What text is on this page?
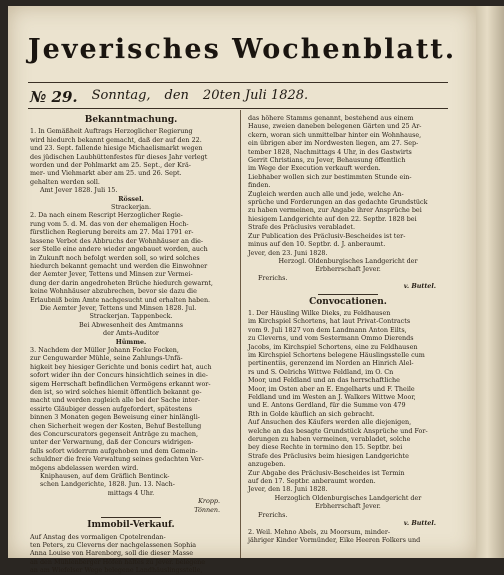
Jeverisches Wochenblatt.
№ 29. Sonntag, den 20ten Juli 1828.
Bekanntmachung.
1. In Gemäßheit Auftrags Herzoglicher Regierung
wird hiedurch bekannt gemacht, daß der auf den 22.
und 23. Sept. fallende hiesige Michaelismarkt wegen
des jüdischen Laubhüttenfestes für dieses Jahr verlegt
worden und der Pohlmarkt am 25. Sept., der Krä-
mer- und Viehmarkt aber am 25. und 26. Sept.
gehalten werden soll.
Amt Jever 1828. Juli 15.
Rössel.
Strackerjan.
2. Da nach einem Rescript Herzoglicher Regie-
rung vom 5. d. M. das von der ehemaligen Hoch-
fürstlichen Regierung bereits am 27. Mai 1791 er-
lassene Verbot des Abbruchs der Wohnhäuser an die-
ser Stelle eine andere wieder angebauet worden, auch
in Zukunft noch befolgt werden soll, so wird solches
hiedurch bekannt gemacht und werden die Einwohner
der Aemter Jever, Tettens und Minsen zur Vermei-
dung der darin angedroheten Brüche hiedurch gewarnt,
keine Wohnhäuser abzubrechen, bevor sie dazu die
Erlaubniß beim Amte nachgesucht und erhalten haben.
Die Aemter Jever, Tettens und Minsen 1828. Jul.
Strackerjan. Tappenbeck.
Bei Abwesenheit des Amtmanns
der Amts-Auditor
Hümme.
3. Nachdem der Müller Johann Focke Focken,
zur Cenguwarder Mühle, seine Zahlungs-Unfä-
higkeit bey hiesiger Gerichte und bonis cedirt hat, auch
sofort wider ihn der Concurs hinsichtlich seines in die-
sigem Herrschaft befindlichen Vermögens erkannt wor-
den ist, so wird solches hiemit öffentlich bekannt ge-
macht und werden zugleich alle bei der Sache inter-
essirte Gläubiger dessen aufgefordert, spätestens
binnen 3 Monaten gegen Beweisung einer hinlängli-
chen Sicherheit wegen der Kosten, Behuf Bestellung
des Concurscurators gegenseit Anträge zu machen,
unter der Verwarnung, daß der Concurs widrigen-
falls sofort widerrum aufgehoben und dem Gemein-
schuldner die freie Verwaltung seines gedachten Ver-
mögens abdelassen werden wird.
Kniphausen, auf dem Gräflich Bentinck-
schen Landgerichte, 1828. Jun. 13. Nach-
mittags 4 Uhr.
Kropp.
Tönnen.
Immobil-Verkauf.
Auf Anstag des vormaligen Cpotelrendan-
ten Peters, zu Cleverns der nachgelassenen Sophia
Anna Louise von Harenborg, soll die dieser Masse
an den Mühlenberger Höfen haltes zu Jever. belegene
an am Wiefelser Wege belegene Landhäuslingsstelle,
das höhere Stamms genannt, bestehend aus einem
Hause, zweien daneben belegenen Gärten und 25 Ar-
ckern, woran sich unmittelbar hinter ein Wohnhause,
ein übrigen aber im Nordwesten liegen, am 27. Sep-
tember 1828, Nachmittags 4 Uhr, in des Gastwirts
Gerrit Christians, zu Jever, Behausung öffentlich
im Wege der Execution verkauft werden.
Liebhaber wollen sich zur bestimmten Stunde ein-
finden.
Zugleich werden auch alle und jede, welche An-
sprüche und Forderungen an das gedachte Grundstück
zu haben vermeinen, zur Angabe ihrer Ansprüche bei
hiesigem Landgerichte auf den 22. Septbr. 1828 bei
Strafe des Präclusivs verabladet.
Zur Publication des Präclusiv-Bescheides ist ter-
minus auf den 10. Septbr. d. J. anberaumt.
Jever, den 23. Juni 1828.
Herzogl. Oldenburgisches Landgericht der
Erbherrschaft Jever.
Frerichs.
v. Buttel.
Convocationen.
1. Der Häusling Wilke Dieks, zu Feldhausen
im Kirchspiel Schortens, hat laut Privat-Contracts
vom 9. Juli 1827 von dem Landmann Anton Eilts,
zu Cleverns, und vom Sestermann Ommo Dierends
Jacobs, im Kirchspiel Schortens, eine zu Feldhausen
im Kirchspiel Schortens belegene Häuslingsstelle cum
pertinentiis, gerenzend im Norden an Hinrich Alel-
rs und S. Oelrichs Wittwe Feldland, im O. Cn
Moor, und Feldland und an das herrschaftliche
Moor, im Osten aber an E. Engelharts und F. Theile
Feldland und im Westen an J. Walkers Wittwe Moor,
und E. Antons Gerdland, für die Summe von 479
Rth in Golde käuflich an sich gebracht.
Auf Ansuchen des Käufers werden alle diejenigen,
welche an das besagte Grundstück Ansprüche und For-
derungen zu haben vermeinen, verabladet, solche
bey diese Rechte in termino den 15. Septbr. bei
Strafe des Präclusivs beim hiesigen Landgerichte
anzugeben.
Zur Abgabe des Präclusiv-Bescheides ist Termin
auf den 17. Septbr. anberaumt worden.
Jever, den 18. Juni 1828.
Herzoglich Oldenburgisches Landgericht der
Erbherrschaft Jever.
Frerichs.
v. Buttel.
2. Weil. Mehno Abels, zu Moorsum, minder-
jähriger Kinder Vormünder, Eike Heeren Folkers und
